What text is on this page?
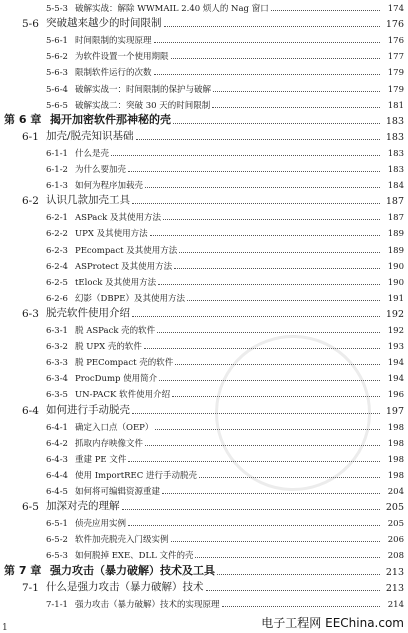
5-5-3 破解实战：解除 WWMAIL 2.40 烦人的 Nag 窗口	174
5-6 突破越来越少的时间限制	176
5-6-1 时间限制的实现原理	176
5-6-2 为软件设置一个使用期限	177
5-6-3 限制软件运行的次数	179
5-6-4 破解实战一：时间限制的保护与破解	179
5-6-5 破解实战二：突破 30 天的时间限制	181
第 6 章 揭开加密软件那神秘的壳	183
6-1 加壳/脱壳知识基础	183
6-1-1 什么是壳	183
6-1-2 为什么要加壳	183
6-1-3 如何为程序加载壳	184
6-2 认识几款加壳工具	187
6-2-1 ASPack 及其使用方法	187
6-2-2 UPX 及其使用方法	189
6-2-3 PEcompact 及其使用方法	189
6-2-4 ASProtect 及其使用方法	190
6-2-5 tElock 及其使用方法	190
6-2-6 幻影（DBPE）及其使用方法	191
6-3 脱壳软件使用介绍	192
6-3-1 脱 ASPack 壳的软件	192
6-3-2 脱 UPX 壳的软件	193
6-3-3 脱 PECompact 壳的软件	194
6-3-4 ProcDump 使用简介	194
6-3-5 UN-PACK 软件使用介绍	196
6-4 如何进行手动脱壳	197
6-4-1 确定入口点（OEP）	198
6-4-2 抓取内存映像文件	198
6-4-3 重建 PE 文件	198
6-4-4 使用 ImportREC 进行手动脱壳	198
6-4-5 如何将可编辑资源重建	204
6-5 加深对壳的理解	205
6-5-1 侦壳应用实例	205
6-5-2 软件加壳脱壳入门级实例	206
6-5-3 如何脱掉 EXE、DLL 文件的壳	208
第 7 章 强力攻击（暴力破解）技术及工具	213
7-1 什么是强力攻击（暴力破解）技术	213
7-1-1 强力攻击（暴力破解）技术的实现原理	214
1	电子工程网 EEChina.com
